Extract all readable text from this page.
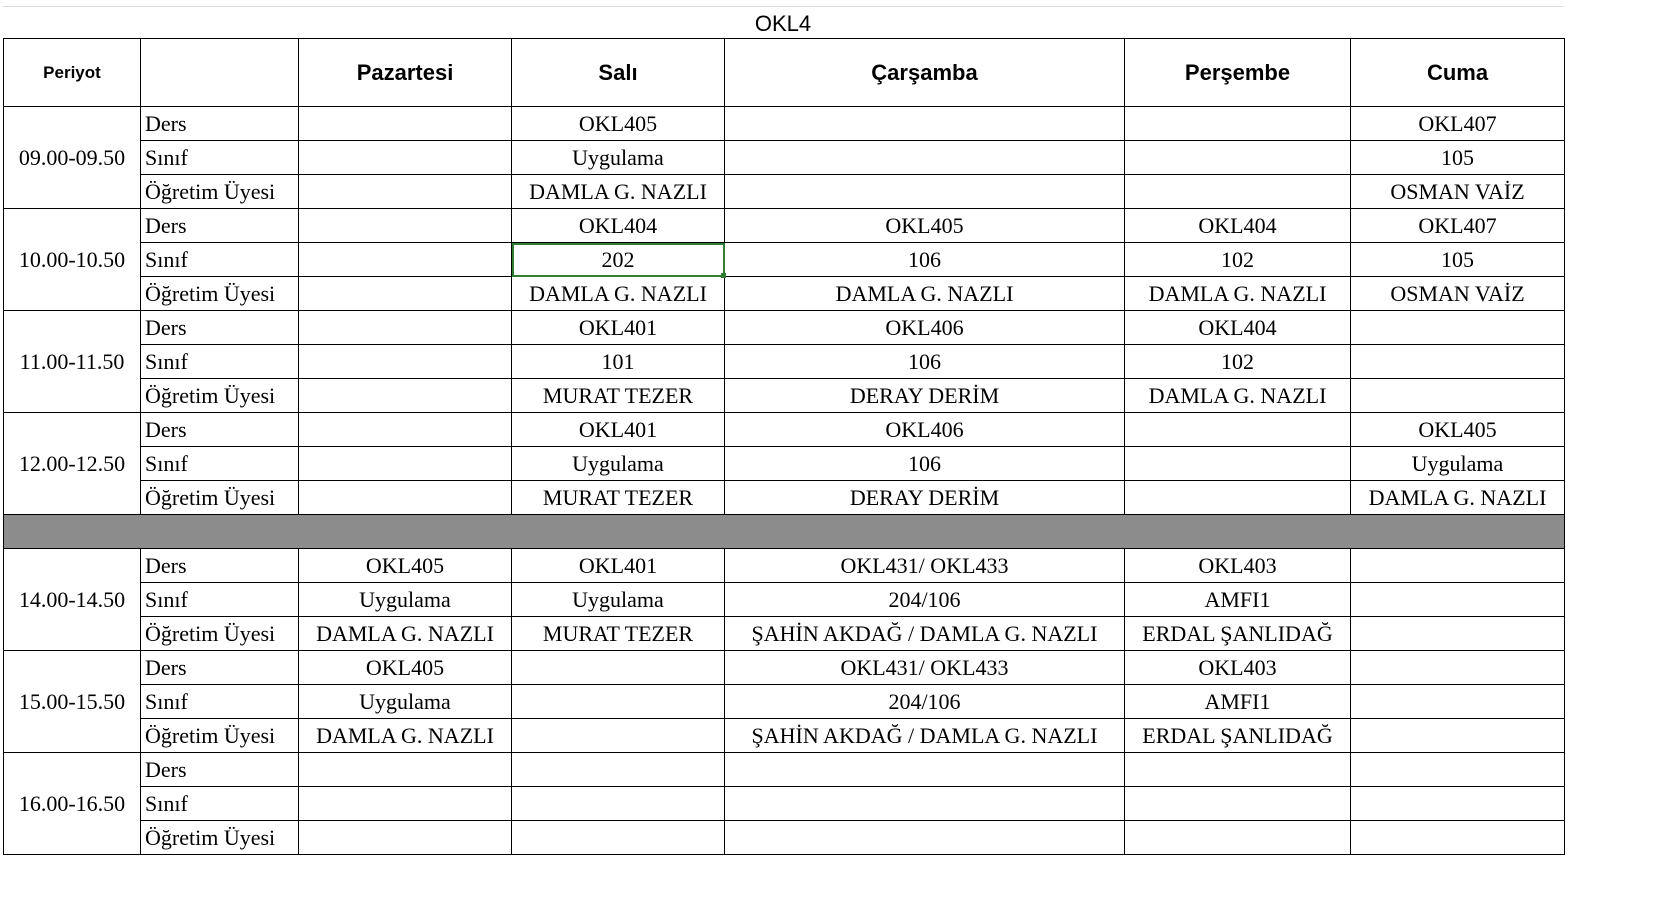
OKL4
Periyot		Pazartesi	Salı	Çarşamba	Perşembe	Cuma
09.00-09.50	Ders		OKL405			OKL407
	Sınıf		Uygulama			105
	Öğretim Üyesi		DAMLA G. NAZLI			OSMAN VAİZ
10.00-10.50	Ders		OKL404	OKL405	OKL404	OKL407
	Sınıf		202	106	102	105
	Öğretim Üyesi		DAMLA G. NAZLI	DAMLA G. NAZLI	DAMLA G. NAZLI	OSMAN VAİZ
11.00-11.50	Ders		OKL401	OKL406	OKL404	
	Sınıf		101	106	102	
	Öğretim Üyesi		MURAT TEZER	DERAY DERİM	DAMLA G. NAZLI	
12.00-12.50	Ders		OKL401	OKL406		OKL405
	Sınıf		Uygulama	106		Uygulama
	Öğretim Üyesi		MURAT TEZER	DERAY DERİM		DAMLA G. NAZLI

14.00-14.50	Ders	OKL405	OKL401	OKL431/ OKL433	OKL403	
	Sınıf	Uygulama	Uygulama	204/106	AMFI1	
	Öğretim Üyesi	DAMLA G. NAZLI	MURAT TEZER	ŞAHİN AKDAĞ / DAMLA G. NAZLI	ERDAL ŞANLIDAĞ	
15.00-15.50	Ders	OKL405		OKL431/ OKL433	OKL403	
	Sınıf	Uygulama		204/106	AMFI1	
	Öğretim Üyesi	DAMLA G. NAZLI		ŞAHİN AKDAĞ / DAMLA G. NAZLI	ERDAL ŞANLIDAĞ	
16.00-16.50	Ders					
	Sınıf					
	Öğretim Üyesi					
